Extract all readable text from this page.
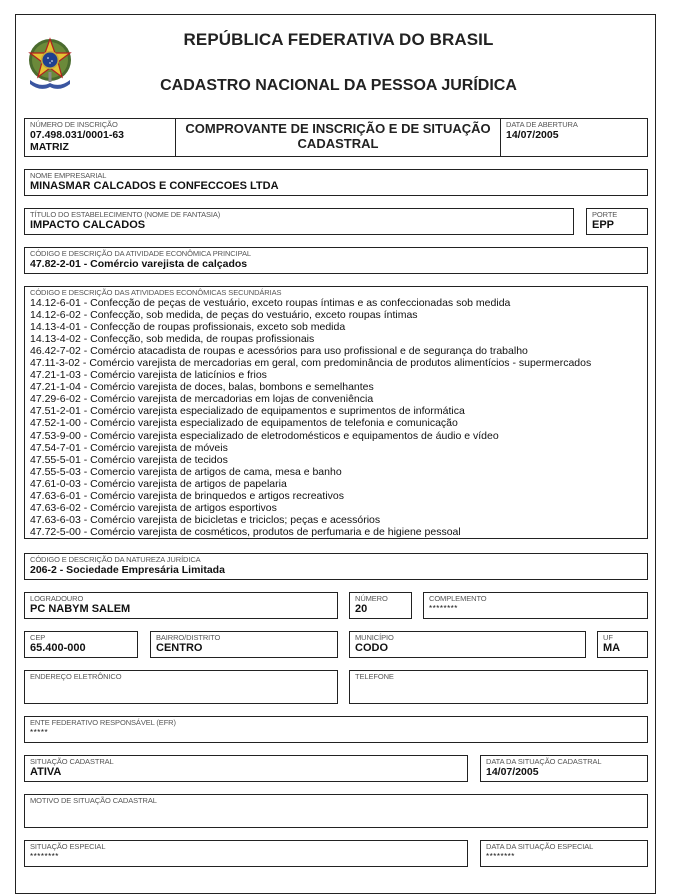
REPÚBLICA FEDERATIVA DO BRASIL
CADASTRO NACIONAL DA PESSOA JURÍDICA
NÚMERO DE INSCRIÇÃO
07.498.031/0001-63
MATRIZ
COMPROVANTE DE INSCRIÇÃO E DE SITUAÇÃO CADASTRAL
DATA DE ABERTURA
14/07/2005
NOME EMPRESARIAL
MINASMAR CALCADOS E CONFECCOES LTDA
TÍTULO DO ESTABELECIMENTO (NOME DE FANTASIA)
IMPACTO CALCADOS
PORTE
EPP
CÓDIGO E DESCRIÇÃO DA ATIVIDADE ECONÔMICA PRINCIPAL
47.82-2-01 - Comércio varejista de calçados
CÓDIGO E DESCRIÇÃO DAS ATIVIDADES ECONÔMICAS SECUNDÁRIAS
14.12-6-01 - Confecção de peças de vestuário, exceto roupas íntimas e as confeccionadas sob medida
14.12-6-02 - Confecção, sob medida, de peças do vestuário, exceto roupas íntimas
14.13-4-01 - Confecção de roupas profissionais, exceto sob medida
14.13-4-02 - Confecção, sob medida, de roupas profissionais
46.42-7-02 - Comércio atacadista de roupas e acessórios para uso profissional e de segurança do trabalho
47.11-3-02 - Comércio varejista de mercadorias em geral, com predominância de produtos alimentícios - supermercados
47.21-1-03 - Comércio varejista de laticínios e frios
47.21-1-04 - Comércio varejista de doces, balas, bombons e semelhantes
47.29-6-02 - Comércio varejista de mercadorias em lojas de conveniência
47.51-2-01 - Comércio varejista especializado de equipamentos e suprimentos de informática
47.52-1-00 - Comércio varejista especializado de equipamentos de telefonia e comunicação
47.53-9-00 - Comércio varejista especializado de eletrodomésticos e equipamentos de áudio e vídeo
47.54-7-01 - Comércio varejista de móveis
47.55-5-01 - Comércio varejista de tecidos
47.55-5-03 - Comercio varejista de artigos de cama, mesa e banho
47.61-0-03 - Comércio varejista de artigos de papelaria
47.63-6-01 - Comércio varejista de brinquedos e artigos recreativos
47.63-6-02 - Comércio varejista de artigos esportivos
47.63-6-03 - Comércio varejista de bicicletas e triciclos; peças e acessórios
47.72-5-00 - Comércio varejista de cosméticos, produtos de perfumaria e de higiene pessoal
CÓDIGO E DESCRIÇÃO DA NATUREZA JURÍDICA
206-2 - Sociedade Empresária Limitada
LOGRADOURO
PC NABYM SALEM
NÚMERO
20
COMPLEMENTO
********
CEP
65.400-000
BAIRRO/DISTRITO
CENTRO
MUNICÍPIO
CODO
UF
MA
ENDEREÇO ELETRÔNICO	TELEFONE
ENTE FEDERATIVO RESPONSÁVEL (EFR)
*****
SITUAÇÃO CADASTRAL
ATIVA
DATA DA SITUAÇÃO CADASTRAL
14/07/2005
MOTIVO DE SITUAÇÃO CADASTRAL
SITUAÇÃO ESPECIAL
********
DATA DA SITUAÇÃO ESPECIAL
********
